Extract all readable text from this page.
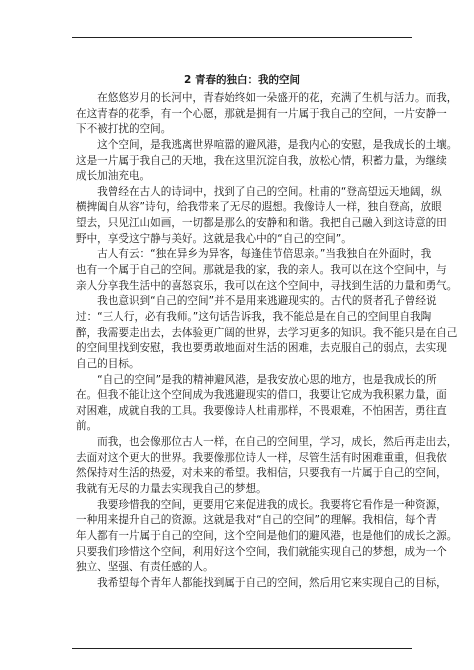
2 青春的独白：我的空间

　　在悠悠岁月的长河中，青春始终如一朵盛开的花，充满了生机与活力。而我，
在这青春的花季，有一个心愿，那就是拥有一片属于我自己的空间，一片安静一
下不被打扰的空间。

　　这个空间，是我逃离世界喧嚣的避风港，是我内心的安慰，是我成长的土壤。
这是一片属于我自己的天地，我在这里沉淀自我，放松心情，积蓄力量，为继续
成长加油充电。

　　我曾经在古人的诗词中，找到了自己的空间。杜甫的“登高望远天地阔，纵
横捭阖自从容”诗句，给我带来了无尽的遐想。我像诗人一样，独自登高，放眼
望去，只见江山如画，一切都是那么的安静和和谐。我把自己融入到这诗意的田
野中，享受这宁静与美好。这就是我心中的“自己的空间”。

　　古人有云：“独在异乡为异客，每逢佳节倍思亲。”当我独自在外面时，我
也有一个属于自己的空间。那就是我的家，我的亲人。我可以在这个空间中，与
亲人分享我生活中的喜怒哀乐，我可以在这个空间中，寻找到生活的力量和勇气。

　　我也意识到“自己的空间”并不是用来逃避现实的。古代的贤者孔子曾经说
过：“三人行，必有我师。”这句话告诉我，我不能总是在自己的空间里自我陶
醉，我需要走出去，去体验更广阔的世界，去学习更多的知识。我不能只是在自己
的空间里找到安慰，我也要勇敢地面对生活的困难，去克服自己的弱点，去实现
自己的目标。

　　“自己的空间”是我的精神避风港，是我安放心思的地方，也是我成长的所
在。但我不能让这个空间成为我逃避现实的借口，我要让它成为我积累力量，面
对困难，成就自我的工具。我要像诗人杜甫那样，不畏艰难，不怕困苦，勇往直
前。

　　而我，也会像那位古人一样，在自己的空间里，学习，成长，然后再走出去，
去面对这个更大的世界。我要像那位诗人一样，尽管生活有时困难重重，但我依
然保持对生活的热爱，对未来的希望。我相信，只要我有一片属于自己的空间，
我就有无尽的力量去实现我自己的梦想。

　　我要珍惜我的空间，更要用它来促进我的成长。我要将它看作是一种资源，
一种用来提升自己的资源。这就是我对“自己的空间”的理解。我相信，每个青
年人都有一片属于自己的空间，这个空间是他们的避风港，也是他们的成长之源。
只要我们珍惜这个空间，利用好这个空间，我们就能实现自己的梦想，成为一个
独立、坚强、有责任感的人。

　　我希望每个青年人都能找到属于自己的空间，然后用它来实现自己的目标，
